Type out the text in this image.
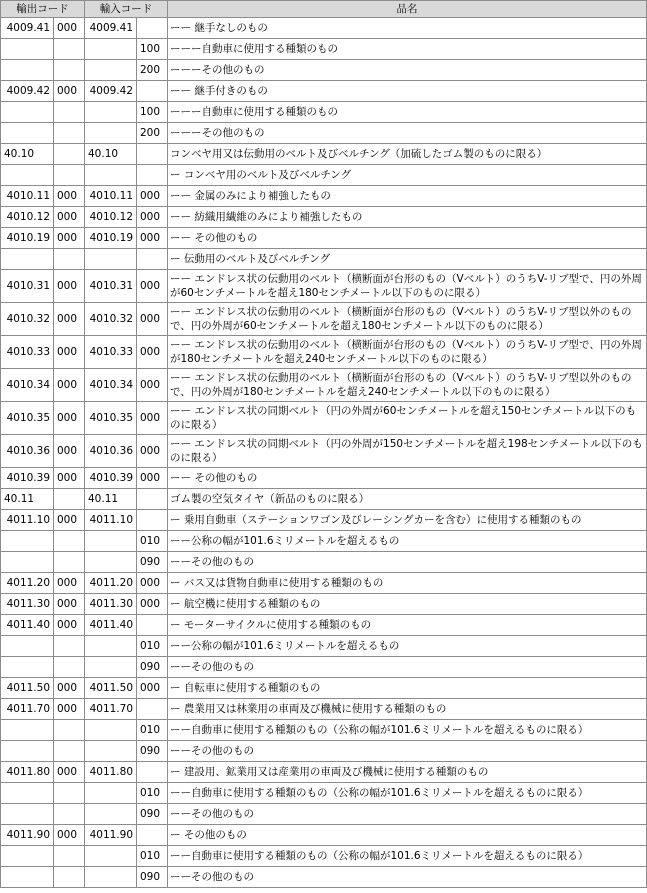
輸出コード		輸入コード		品名
4009.41	000	4009.41		ーー 継手なしのもの
			100	ーーー自動車に使用する種類のもの
			200	ーーーその他のもの
4009.42	000	4009.42		ーー 継手付きのもの
			100	ーーー自動車に使用する種類のもの
			200	ーーーその他のもの
40.10		40.10		コンベヤ用又は伝動用のベルト及びベルチング（加硫したゴム製のものに限る）
				ー コンベヤ用のベルト及びベルチング
4010.11	000	4010.11	000	ーー 金属のみにより補強したもの
4010.12	000	4010.12	000	ーー 紡織用繊維のみにより補強したもの
4010.19	000	4010.19	000	ーー その他のもの
				ー 伝動用のベルト及びベルチング
4010.31	000	4010.31	000	ーー エンドレス状の伝動用のベルト（横断面が台形のもの（Vベルト）のうちV-リブ型で、円の外周が60センチメートルを超え180センチメートル以下のものに限る）
4010.32	000	4010.32	000	ーー エンドレス状の伝動用のベルト（横断面が台形のもの（Vベルト）のうちV-リブ型以外のもので、円の外周が60センチメートルを超え180センチメートル以下のものに限る）
4010.33	000	4010.33	000	ーー エンドレス状の伝動用のベルト（横断面が台形のもの（Vベルト）のうちV-リブ型で、円の外周が180センチメートルを超え240センチメートル以下のものに限る）
4010.34	000	4010.34	000	ーー エンドレス状の伝動用のベルト（横断面が台形のもの（Vベルト）のうちV-リブ型以外のもので、円の外周が180センチメートルを超え240センチメートル以下のものに限る）
4010.35	000	4010.35	000	ーー エンドレス状の同期ベルト（円の外周が60センチメートルを超え150センチメートル以下のものに限る）
4010.36	000	4010.36	000	ーー エンドレス状の同期ベルト（円の外周が150センチメートルを超え198センチメートル以下のものに限る）
4010.39	000	4010.39	000	ーー その他のもの
40.11		40.11		ゴム製の空気タイヤ（新品のものに限る）
4011.10	000	4011.10		ー 乗用自動車（ステーションワゴン及びレーシングカーを含む）に使用する種類のもの
			010	ーー公称の幅が101.6ミリメートルを超えるもの
			090	ーーその他のもの
4011.20	000	4011.20	000	ー バス又は貨物自動車に使用する種類のもの
4011.30	000	4011.30	000	ー 航空機に使用する種類のもの
4011.40	000	4011.40		ー モーターサイクルに使用する種類のもの
			010	ーー公称の幅が101.6ミリメートルを超えるもの
			090	ーーその他のもの
4011.50	000	4011.50	000	ー 自転車に使用する種類のもの
4011.70	000	4011.70		ー 農業用又は林業用の車両及び機械に使用する種類のもの
			010	ーー自動車に使用する種類のもの（公称の幅が101.6ミリメートルを超えるものに限る）
			090	ーーその他のもの
4011.80	000	4011.80		ー 建設用、鉱業用又は産業用の車両及び機械に使用する種類のもの
			010	ーー自動車に使用する種類のもの（公称の幅が101.6ミリメートルを超えるものに限る）
			090	ーーその他のもの
4011.90	000	4011.90		ー その他のもの
			010	ーー自動車に使用する種類のもの（公称の幅が101.6ミリメートルを超えるものに限る）
			090	ーーその他のもの
